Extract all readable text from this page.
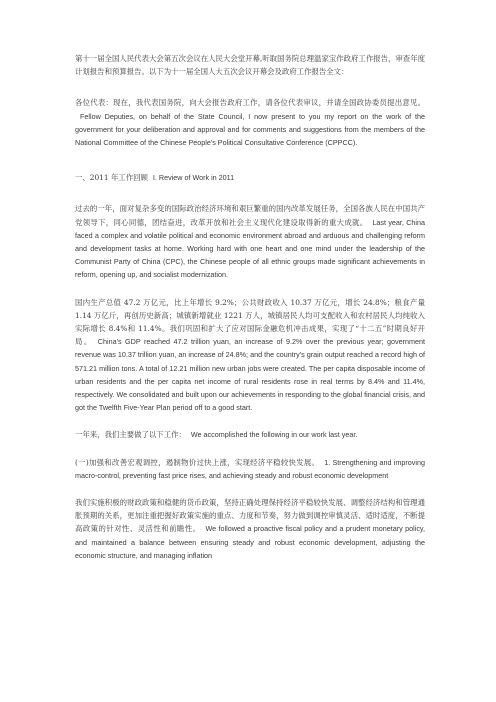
第十一届全国人民代表大会第五次会议在人民大会堂开幕,听取国务院总理温家宝作政府工作报告，审查年度计划报告和预算报告。以下为十一届全国人大五次会议开幕会及政府工作报告全文：

各位代表：现在，我代表国务院，向大会报告政府工作，请各位代表审议，并请全国政协委员提出意见。Fellow Deputies, on behalf of the State Council, I now present to you my report on the work of the government for your deliberation and approval and for comments and suggestions from the members of the National Committee of the Chinese People's Political Consultative Conference (CPPCC).

一、2011 年工作回顾 I. Review of Work in 2011

过去的一年，面对复杂多变的国际政治经济环境和艰巨繁重的国内改革发展任务，全国各族人民在中国共产党领导下，同心同德，团结奋进，改革开放和社会主义现代化建设取得新的重大成就。 Last year, China faced a complex and volatile political and economic environment abroad and arduous and challenging reform and development tasks at home. Working hard with one heart and one mind under the leadership of the Communist Party of China (CPC), the Chinese people of all ethnic groups made significant achievements in reform, opening up, and socialist modernization.

国内生产总值 47.2 万亿元，比上年增长 9.2%；公共财政收入 10.37 万亿元，增长 24.8%；粮食产量 1.14 万亿斤，再创历史新高；城镇新增就业 1221 万人，城镇居民人均可支配收入和农村居民人均纯收入实际增长 8.4%和 11.4%。我们巩固和扩大了应对国际金融危机冲击成果，实现了“十二五”时期良好开局。 China's GDP reached 47.2 trillion yuan, an increase of 9.2% over the previous year; government revenue was 10.37 trillion yuan, an increase of 24.8%; and the country's grain output reached a record high of 571.21 million tons. A total of 12.21 million new urban jobs were created. The per capita disposable income of urban residents and the per capita net income of rural residents rose in real terms by 8.4% and 11.4%, respectively. We consolidated and built upon our achievements in responding to the global financial crisis, and got the Twelfth Five-Year Plan period off to a good start.

一年来，我们主要做了以下工作： We accomplished the following in our work last year.

(一)加强和改善宏观调控，遏制物价过快上涨，实现经济平稳较快发展。 1. Strengthening and improving macro-control, preventing fast price rises, and achieving steady and robust economic development

我们实施积极的财政政策和稳健的货币政策，坚持正确处理保持经济平稳较快发展、调整经济结构和管理通胀预期的关系，更加注重把握好政策实施的重点、力度和节奏，努力做到调控审慎灵活、适时适度，不断提高政策的针对性、灵活性和前瞻性。 We followed a proactive fiscal policy and a prudent monetary policy, and maintained a balance between ensuring steady and robust economic development, adjusting the economic structure, and managing inflation
